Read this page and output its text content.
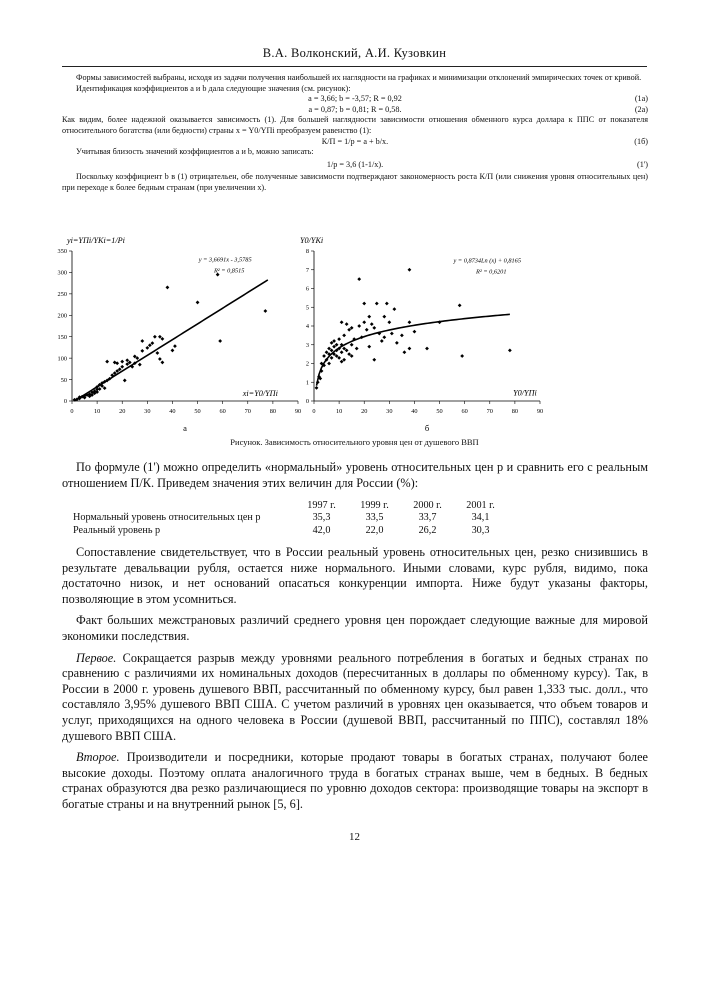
В.А. Волконский, А.И. Кузовкин

Формы зависимостей выбраны, исходя из задачи получения наибольшей их наглядности на графиках и минимизации отклонений эмпирических точек от кривой.

Идентификация коэффициентов a и b дала следующие значения (см. рисунок):

a = 3,66; b = -3,57; R = 0,92	(1а)
a = 0,87; b = 0,81; R = 0,58.	(2а)

Как видим, более надежной оказывается зависимость (1). Для большей наглядности зависимости отношения обменного курса доллара к ППС от показателя относительного богатства (или бедности) страны x = Y0/YПi преобразуем равенство (1):

К/П = 1/p = a + b/x.	(1б)

Учитывая близость значений коэффициентов a и b, можно записать:

1/p = 3,6 (1-1/x).	(1')

Поскольку коэффициент b в (1) отрицательен, обе полученные зависимости подтверждают закономерность роста К/П (или снижения уровня относительных цен) при переходе к более бедным странам (при увеличении x).

0	10	20	30	40	50	60	70	80	90
0
50
100
150
200
250
300
350
yi=YПi/YКi=1/Pi
xi=Y0/YПi
y = 3,6691x - 3,5785
R² = 0,8515
а
0	10	20	30	40	50	60	70	80	90
0
1
2
3
4
5
6
7
8
Y0/YКi
Y0/YПi
y = 0,8734Ln (x) + 0,8165
R² = 0,6201
б
Рисунок. Зависимость относительного уровня цен от душевого ВВП

По формуле (1') можно определить «нормальный» уровень относительных цен p и сравнить его с реальным отношением П/К. Приведем значения этих величин для России (%):

	1997 г.	1999 г.	2000 г.	2001 г.
Нормальный уровень относительных цен p	35,3	33,5	33,7	34,1
Реальный уровень p	42,0	22,0	26,2	30,3

Сопоставление свидетельствует, что в России реальный уровень относительных цен, резко снизившись в результате девальвации рубля, остается ниже нормального. Иными словами, курс рубля, видимо, пока достаточно низок, и нет оснований опасаться конкуренции импорта. Ниже будут указаны факторы, позволяющие в этом усомниться.

Факт больших межстрановых различий среднего уровня цен порождает следующие важные для мировой экономики последствия.

Первое. Сокращается разрыв между уровнями реального потребления в богатых и бедных странах по сравнению с различиями их номинальных доходов (пересчитанных в доллары по обменному курсу). Так, в России в 2000 г. уровень душевого ВВП, рассчитанный по обменному курсу, был равен 1,333 тыс. долл., что составляло 3,95% душевого ВВП США. С учетом различий в уровнях цен оказывается, что объем товаров и услуг, приходящихся на одного человека в России (душевой ВВП, рассчитанный по ППС), составлял 18% душевого ВВП США.

Второе. Производители и посредники, которые продают товары в богатых странах, получают более высокие доходы. Поэтому оплата аналогичного труда в богатых странах выше, чем в бедных. В бедных странах образуются два резко различающиеся по уровню доходов сектора: производящие товары на экспорт в богатые страны и на внутренний рынок [5, 6].

12
